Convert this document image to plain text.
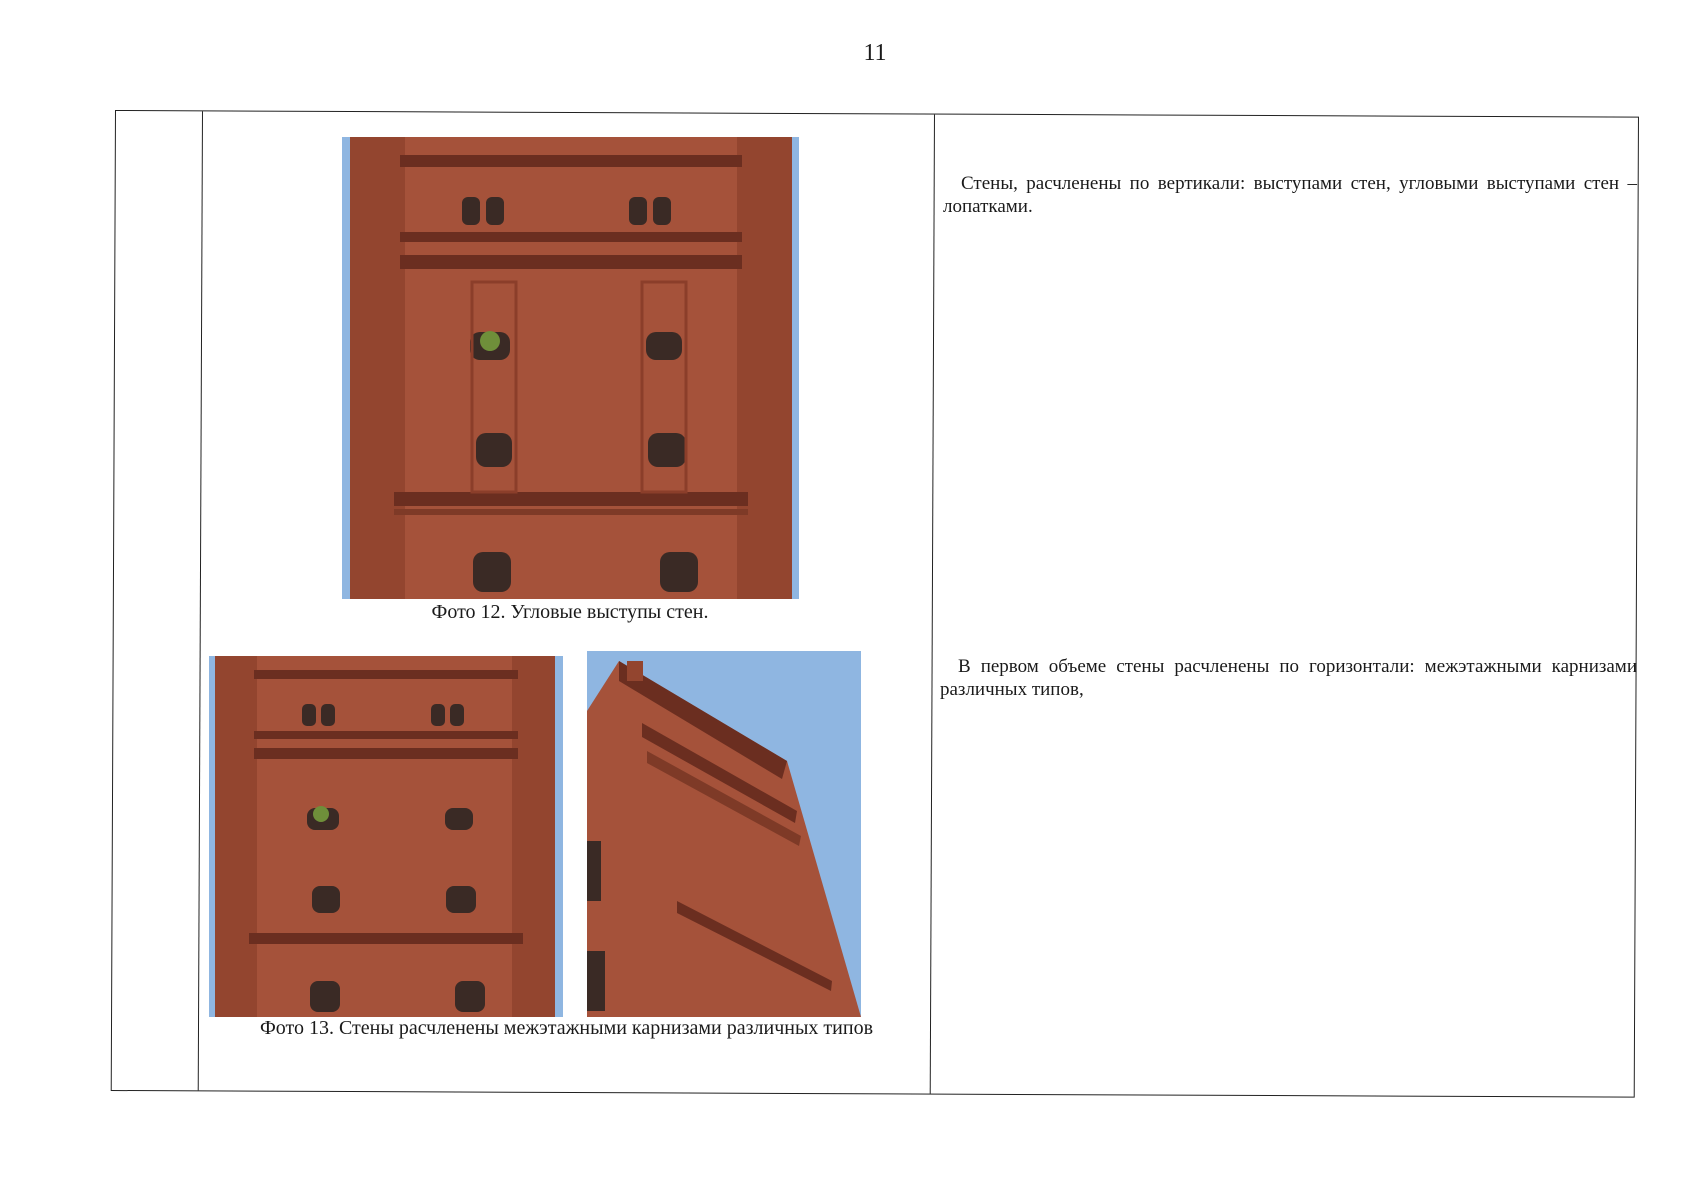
11
Фото 12. Угловые выступы стен.
Фото 13. Стены расчленены межэтажными карнизами различных типов
Стены, расчленены по вертикали: выступами стен, угловыми выступами стен – лопатками.
В первом объеме стены расчленены по горизонтали: межэтажными карнизами различных типов,
